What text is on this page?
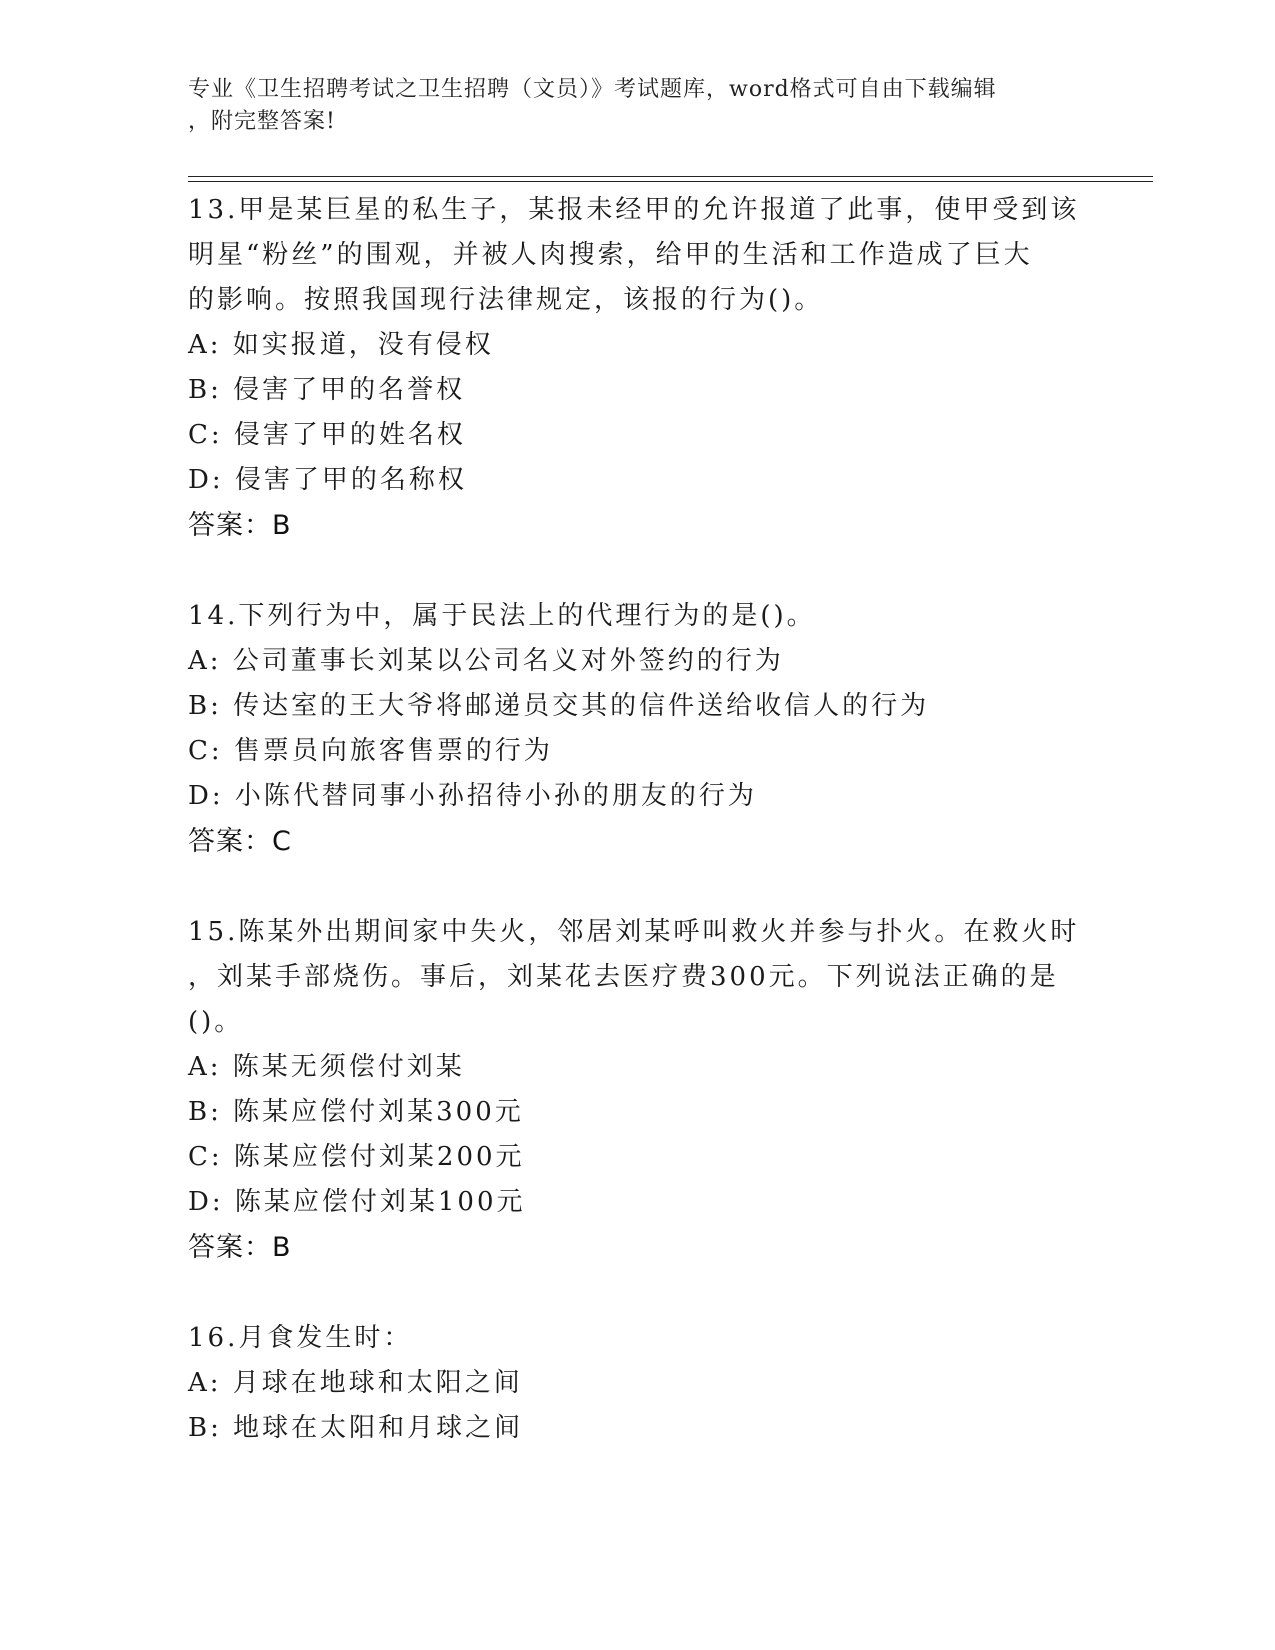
专业《卫生招聘考试之卫生招聘（文员）》考试题库，word格式可自由下载编辑
，附完整答案!

13.甲是某巨星的私生子，某报未经甲的允许报道了此事，使甲受到该

明星“粉丝”的围观，并被人肉搜索，给甲的生活和工作造成了巨大

的影响。按照我国现行法律规定，该报的行为()。

A: 如实报道，没有侵权

B: 侵害了甲的名誉权

C: 侵害了甲的姓名权

D: 侵害了甲的名称权

答案：B

14.下列行为中，属于民法上的代理行为的是()。

A: 公司董事长刘某以公司名义对外签约的行为

B: 传达室的王大爷将邮递员交其的信件送给收信人的行为

C: 售票员向旅客售票的行为

D: 小陈代替同事小孙招待小孙的朋友的行为

答案：C

15.陈某外出期间家中失火，邻居刘某呼叫救火并参与扑火。在救火时

，刘某手部烧伤。事后，刘某花去医疗费300元。下列说法正确的是

()。

A: 陈某无须偿付刘某

B: 陈某应偿付刘某300元

C: 陈某应偿付刘某200元

D: 陈某应偿付刘某100元

答案：B

16.月食发生时：

A: 月球在地球和太阳之间

B: 地球在太阳和月球之间
